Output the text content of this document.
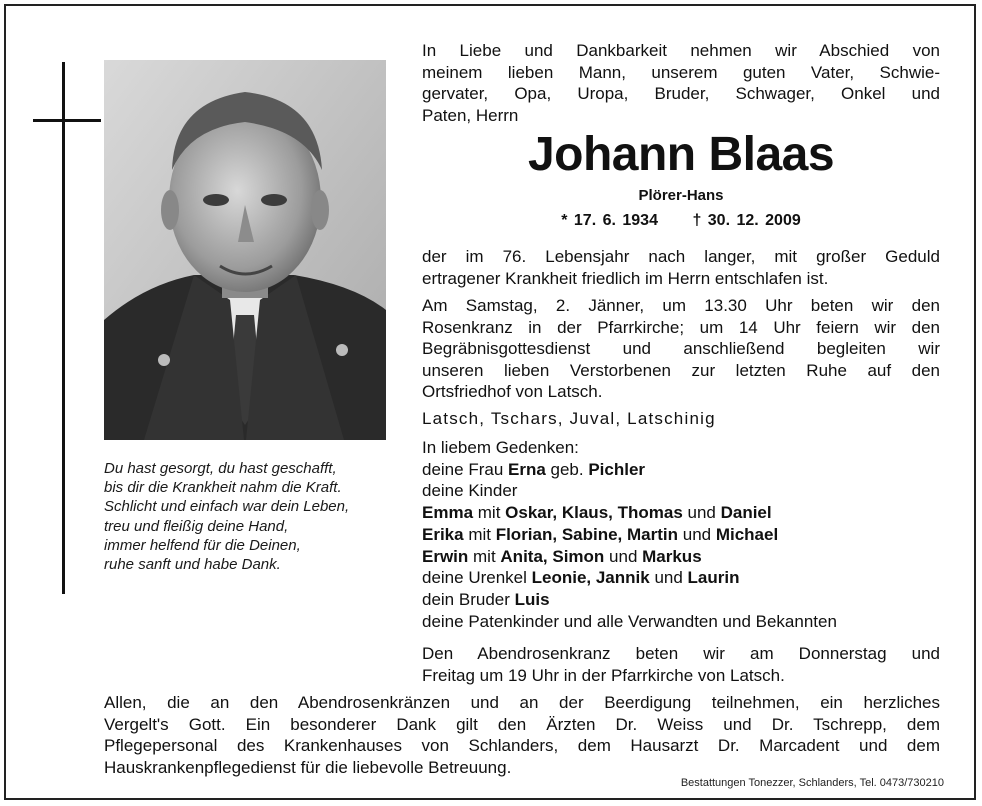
Du hast gesorgt, du hast geschafft,
bis dir die Krankheit nahm die Kraft.
Schlicht und einfach war dein Leben,
treu und fleißig deine Hand,
immer helfend für die Deinen,
ruhe sanft und habe Dank.
In Liebe und Dankbarkeit nehmen wir Abschied von
meinem lieben Mann, unserem guten Vater, Schwie-
gervater, Opa, Uropa, Bruder, Schwager, Onkel und
Paten, Herrn
Johann Blaas
Plörer-Hans
* 17. 6. 1934 † 30. 12. 2009
der im 76. Lebensjahr nach langer, mit großer Geduld
ertragener Krankheit friedlich im Herrn entschlafen ist.
Am Samstag, 2. Jänner, um 13.30 Uhr beten wir den
Rosenkranz in der Pfarrkirche; um 14 Uhr feiern wir den
Begräbnisgottesdienst und anschließend begleiten wir
unseren lieben Verstorbenen zur letzten Ruhe auf den
Ortsfriedhof von Latsch.
Latsch, Tschars, Juval, Latschinig
In liebem Gedenken:
deine Frau Erna geb. Pichler
deine Kinder
Emma mit Oskar, Klaus, Thomas und Daniel
Erika mit Florian, Sabine, Martin und Michael
Erwin mit Anita, Simon und Markus
deine Urenkel Leonie, Jannik und Laurin
dein Bruder Luis
deine Patenkinder und alle Verwandten und Bekannten
Den Abendrosenkranz beten wir am Donnerstag und
Freitag um 19 Uhr in der Pfarrkirche von Latsch.
Allen, die an den Abendrosenkränzen und an der Beerdigung teilnehmen, ein herzliches
Vergelt's Gott. Ein besonderer Dank gilt den Ärzten Dr. Weiss und Dr. Tschrepp, dem
Pflegepersonal des Krankenhauses von Schlanders, dem Hausarzt Dr. Marcadent und dem
Hauskrankenpflegedienst für die liebevolle Betreuung.
Bestattungen Tonezzer, Schlanders, Tel. 0473/730210
